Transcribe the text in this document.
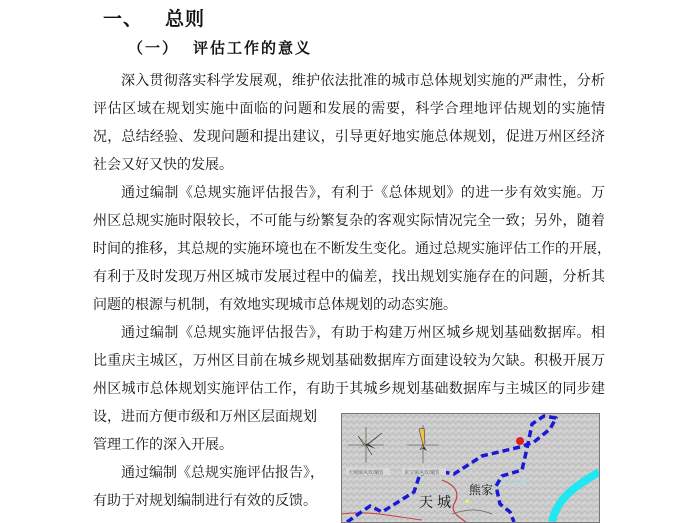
一、 总则
（一） 评估工作的意义
深入贯彻落实科学发展观，维护依法批准的城市总体规划实施的严肃性，分析
评估区域在规划实施中面临的问题和发展的需要，科学合理地评估规划的实施情
况，总结经验、发现问题和提出建议，引导更好地实施总体规划，促进万州区经济
社会又好又快的发展。
通过编制《总规实施评估报告》，有利于《总体规划》的进一步有效实施。万
州区总规实施时限较长，不可能与纷繁复杂的客观实际情况完全一致；另外，随着
时间的推移，其总规的实施环境也在不断发生变化。通过总规实施评估工作的开展，
有利于及时发现万州区城市发展过程中的偏差，找出规划实施存在的问题，分析其
问题的根源与机制，有效地实现城市总体规划的动态实施。
通过编制《总规实施评估报告》，有助于构建万州区城乡规划基础数据库。相
比重庆主城区，万州区目前在城乡规划基础数据库方面建设较为欠缺。积极开展万
州区城市总体规划实施评估工作，有助于其城乡规划基础数据库与主城区的同步建
设，进而方便市级和万州区层面规划
管理工作的深入开展。
通过编制《总规实施评估报告》，
有助于对规划编制进行有效的反馈。
天城镇风玫瑰图	龙宝镇风玫瑰图
天城
熊家
